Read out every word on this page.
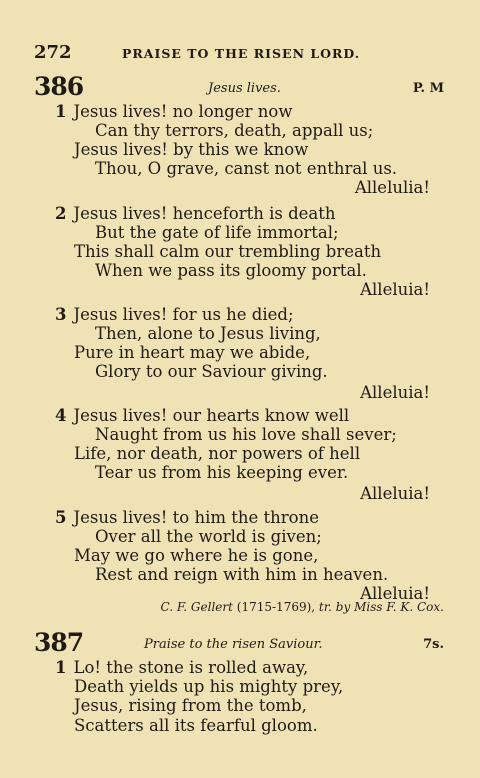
272	PRAISE TO THE RISEN LORD.
386	Jesus lives.	P. M
1 Jesus lives! no longer now
Can thy terrors, death, appall us;
Jesus lives! by this we know
Thou, O grave, canst not enthral us.
Allelulia!
2 Jesus lives! henceforth is death
But the gate of life immortal;
This shall calm our trembling breath
When we pass its gloomy portal.
Alleluia!
3 Jesus lives! for us he died;
Then, alone to Jesus living,
Pure in heart may we abide,
Glory to our Saviour giving.
Alleluia!
4 Jesus lives! our hearts know well
Naught from us his love shall sever;
Life, nor death, nor powers of hell
Tear us from his keeping ever.
Alleluia!
5 Jesus lives! to him the throne
Over all the world is given;
May we go where he is gone,
Rest and reign with him in heaven.
Alleluia!
C. F. Gellert (1715-1769), tr. by Miss F. K. Cox.
387	Praise to the risen Saviour.	7s.
1 Lo! the stone is rolled away,
Death yields up his mighty prey,
Jesus, rising from the tomb,
Scatters all its fearful gloom.
